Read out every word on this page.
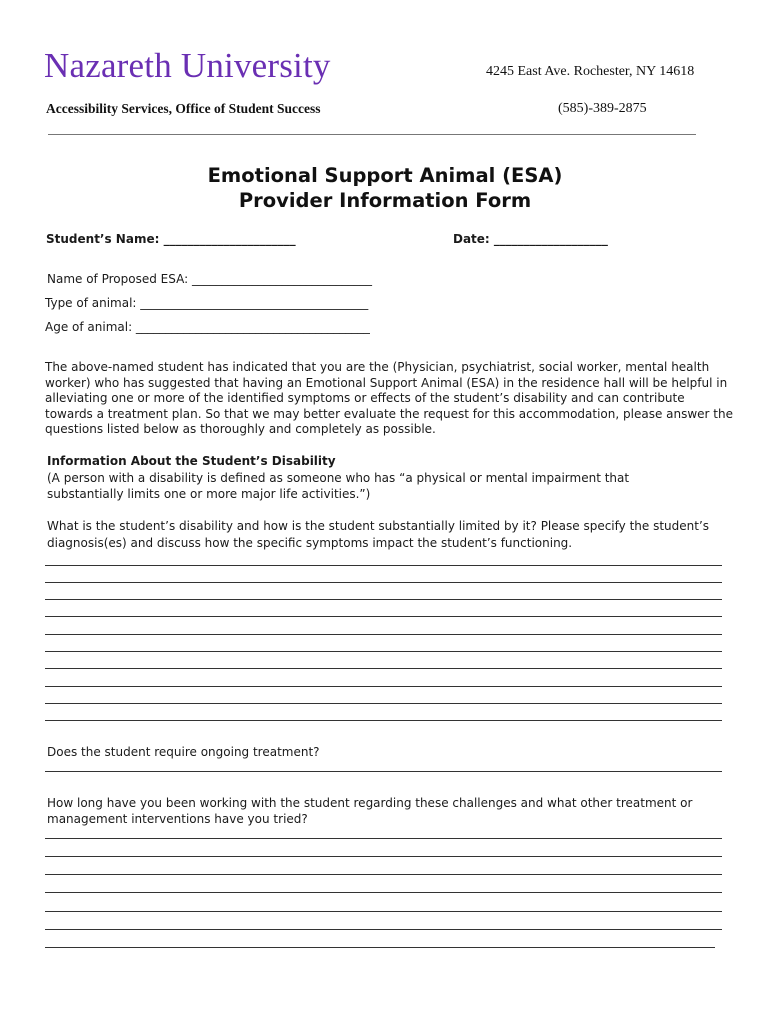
Nazareth University	4245 East Ave. Rochester, NY 14618
Accessibility Services, Office of Student Success	(585)-389-2875
Emotional Support Animal (ESA)
Provider Information Form
Student’s Name: ______________________	Date: ___________________
Name of Proposed ESA: ______________________________
Type of animal: ______________________________________
Age of animal: _______________________________________
The above-named student has indicated that you are the (Physician, psychiatrist, social worker, mental health worker) who has suggested that having an Emotional Support Animal (ESA) in the residence hall will be helpful in alleviating one or more of the identified symptoms or effects of the student’s disability and can contribute towards a treatment plan. So that we may better evaluate the request for this accommodation, please answer the questions listed below as thoroughly and completely as possible.
Information About the Student’s Disability
(A person with a disability is defined as someone who has “a physical or mental impairment that substantially limits one or more major life activities.”)
What is the student’s disability and how is the student substantially limited by it? Please specify the student’s diagnosis(es) and discuss how the specific symptoms impact the student’s functioning.
Does the student require ongoing treatment?
How long have you been working with the student regarding these challenges and what other treatment or management interventions have you tried?
